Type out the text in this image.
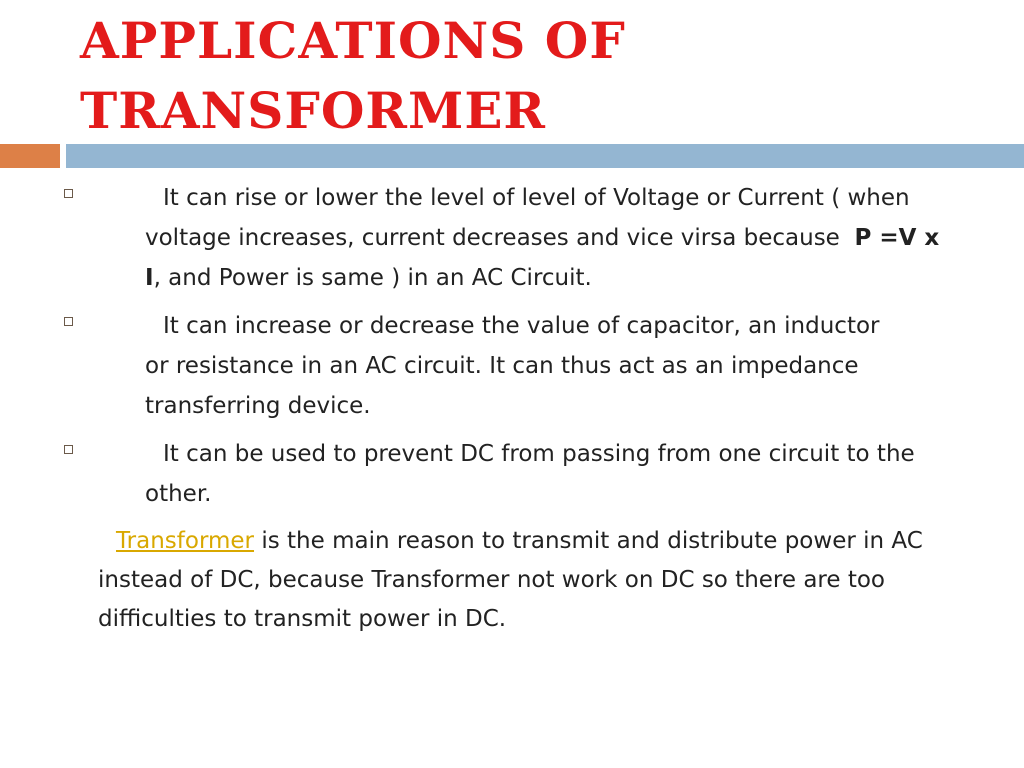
APPLICATIONS OF TRANSFORMER

It can rise or lower the level of level of Voltage or Current ( when voltage increases, current decreases and vice virsa because P =V x I, and Power is same ) in an AC Circuit.

It can increase or decrease the value of capacitor, an inductor or resistance in an AC circuit. It can thus act as an impedance transferring device.

It can be used to prevent DC from passing from one circuit to the other.

Transformer is the main reason to transmit and distribute power in AC instead of DC, because Transformer not work on DC so there are too difficulties to transmit power in DC.
